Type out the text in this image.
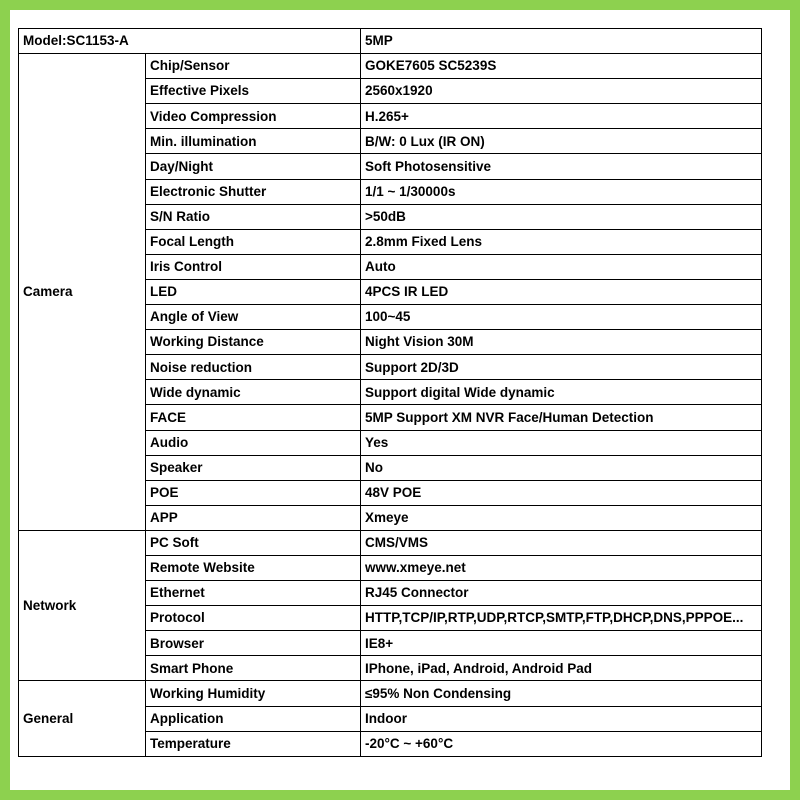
Model:SC1153-A		5MP
Camera	Chip/Sensor	GOKE7605 SC5239S
	Effective Pixels	2560x1920
	Video Compression	H.265+
	Min. illumination	B/W: 0 Lux (IR ON)
	Day/Night	Soft Photosensitive
	Electronic Shutter	1/1 ~ 1/30000s
	S/N Ratio	>50dB
	Focal Length	2.8mm Fixed Lens
	Iris Control	Auto
	LED	4PCS IR LED
	Angle of View	100~45
	Working Distance	Night Vision 30M
	Noise reduction	Support 2D/3D
	Wide dynamic	Support digital Wide dynamic
	FACE	5MP Support XM NVR Face/Human Detection
	Audio	Yes
	Speaker	No
	POE	48V POE
	APP	Xmeye
Network	PC Soft	CMS/VMS
	Remote Website	www.xmeye.net
	Ethernet	RJ45 Connector
	Protocol	HTTP,TCP/IP,RTP,UDP,RTCP,SMTP,FTP,DHCP,DNS,PPPOE...
	Browser	IE8+
	Smart Phone	IPhone, iPad, Android, Android Pad
General	Working Humidity	≤95% Non Condensing
	Application	Indoor
	Temperature	-20°C ~ +60°C
